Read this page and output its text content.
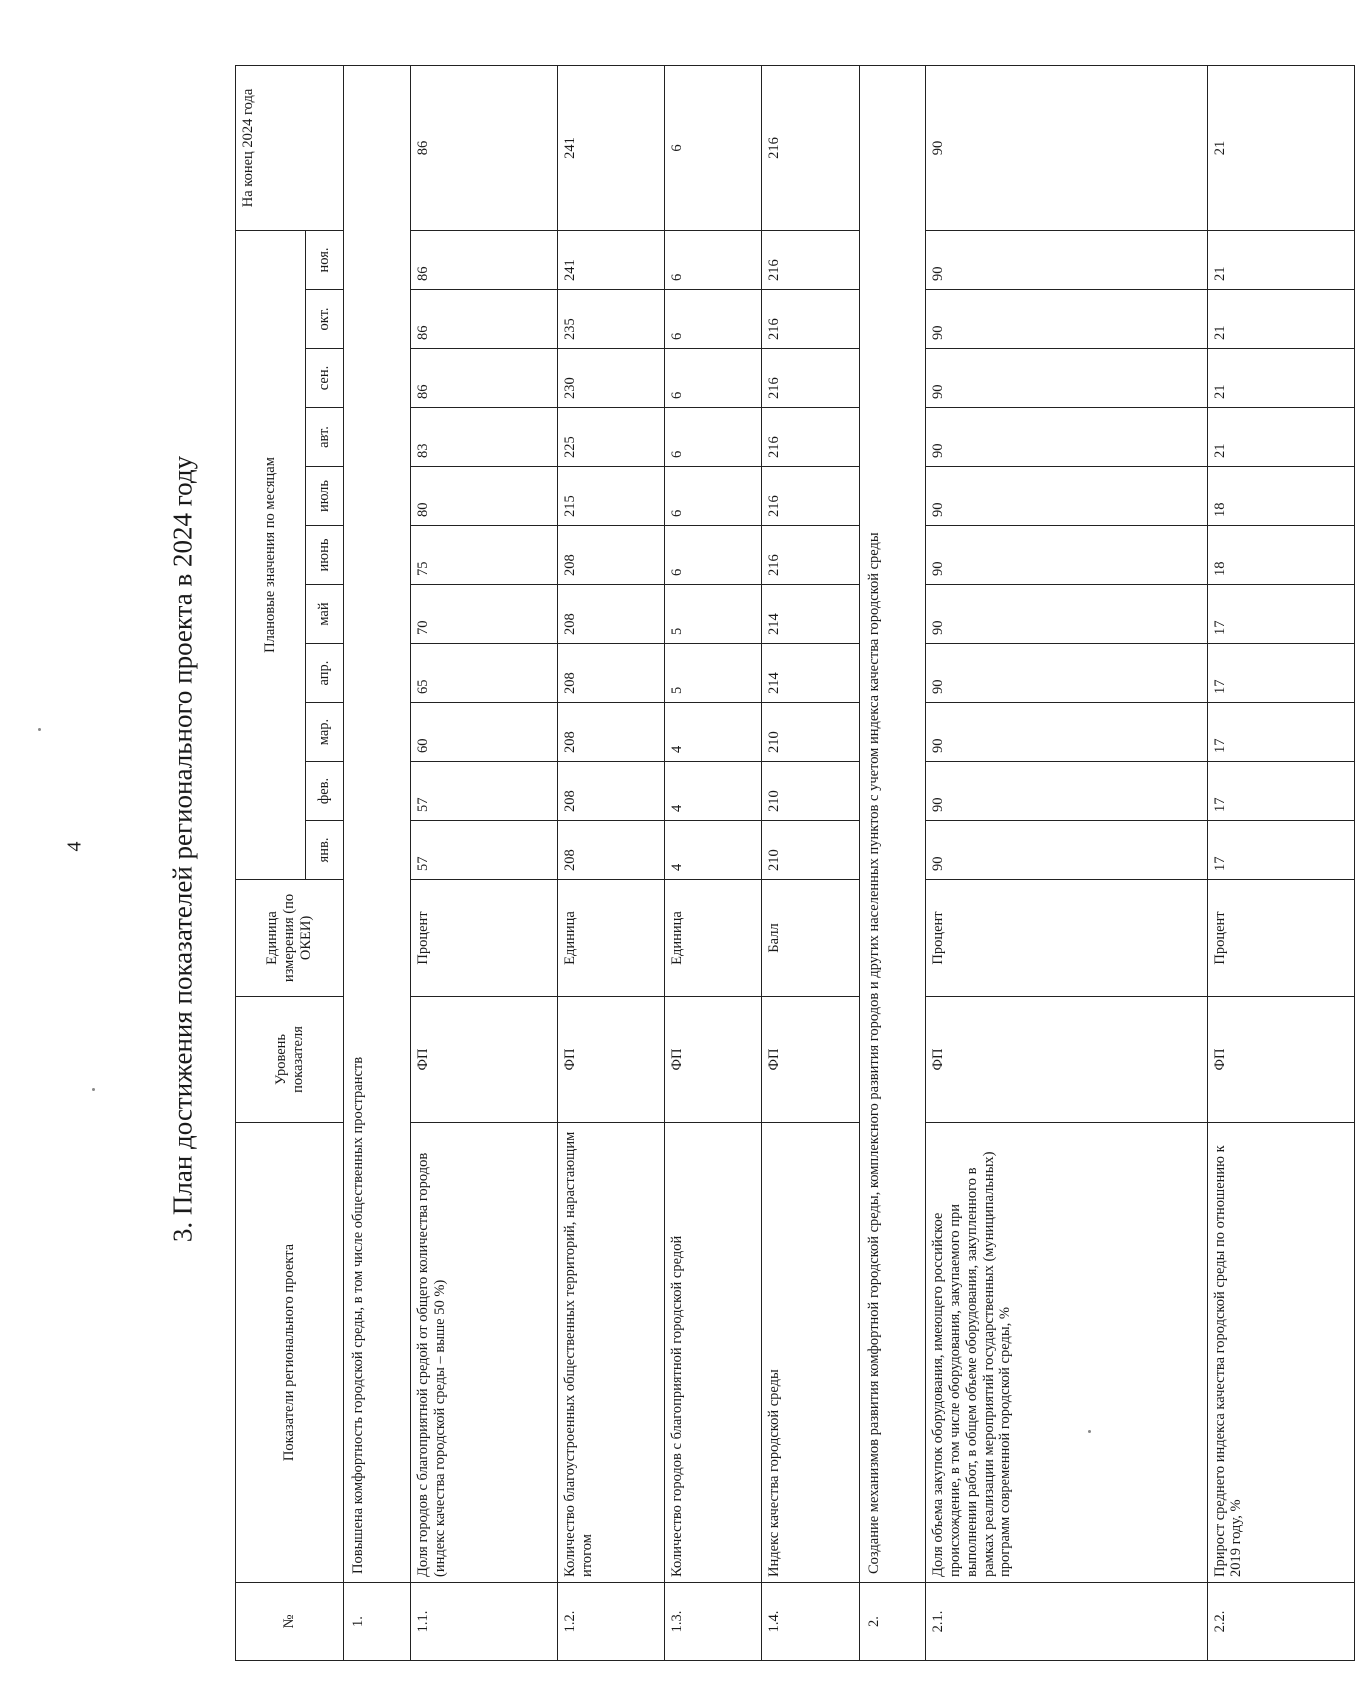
4	3. План достижения показателей регионального проекта в 2024 году
№	Показатели регионального проекта	Уровень показателя	Единица измерения (по ОКЕИ)	Плановые значения по месяцам											На конец 2024 года
				янв.	фев.	мар.	апр.	май	июнь	июль	авт.	сен.	окт.	ноя.	
1.	Повышена комфортность городской среды, в том числе общественных пространств														
1.1.	Доля городов с благоприятной средой от общего количества городов (индекс качества городской среды – выше 50 %)	ФП	Процент	57	57	60	65	70	75	80	83	86	86	86	86
1.2.	Количество благоустроенных общественных территорий, нарастающим итогом	ФП	Единица	208	208	208	208	208	208	215	225	230	235	241	241
1.3.	Количество городов с благоприятной городской средой	ФП	Единица	4	4	4	5	5	6	6	6	6	6	6	6
1.4.	Индекс качества городской среды	ФП	Балл	210	210	210	214	214	216	216	216	216	216	216	216
2.	Создание механизмов развития комфортной городской среды, комплексного развития городов и других населенных пунктов с учетом индекса качества городской среды														
2.1.	Доля объема закупок оборудования, имеющего российское происхождение, в том числе оборудования, закупаемого при выполнении работ, в общем объеме оборудования, закупленного в рамках реализации мероприятий государственных (муниципальных) программ современной городской среды, %	ФП	Процент	90	90	90	90	90	90	90	90	90	90	90	90
2.2.	Прирост среднего индекса качества городской среды по отношению к 2019 году, %	ФП	Процент	17	17	17	17	17	18	18	21	21	21	21	21
